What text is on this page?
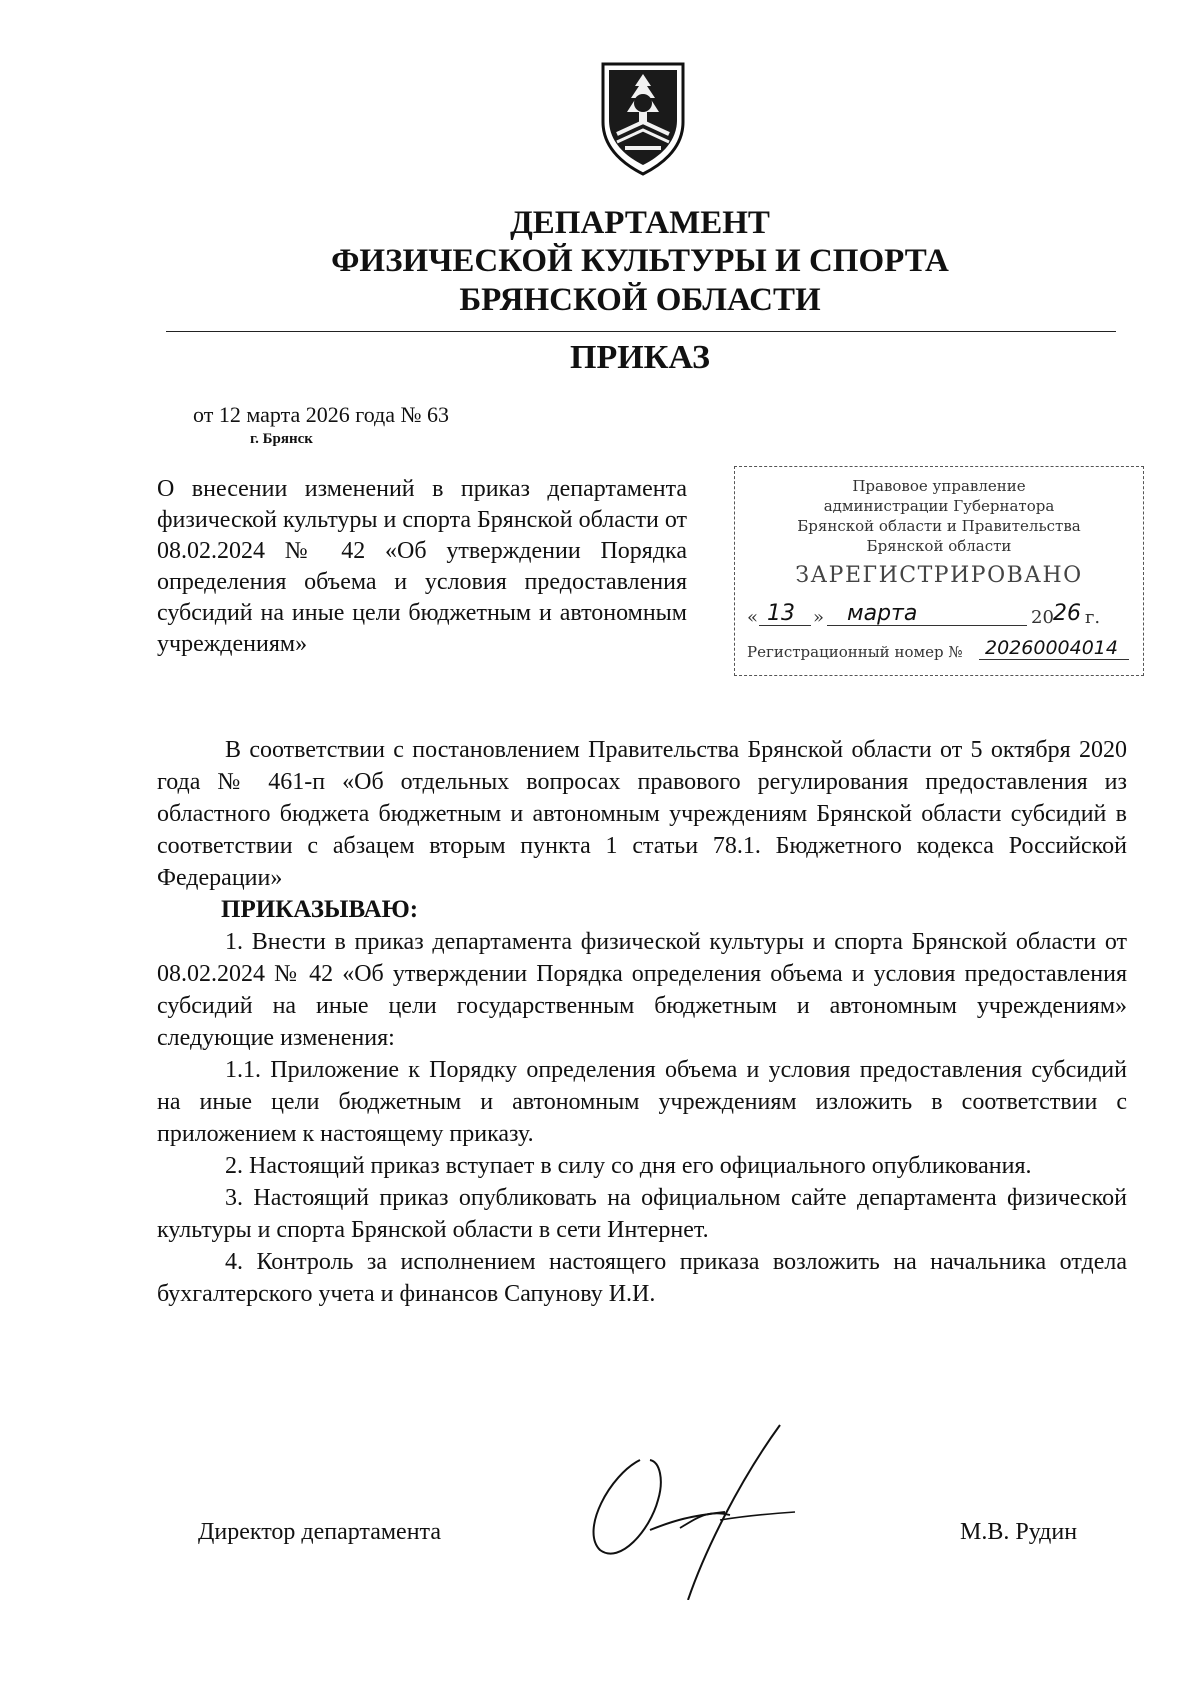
ДЕПАРТАМЕНТ
ФИЗИЧЕСКОЙ КУЛЬТУРЫ И СПОРТА
БРЯНСКОЙ ОБЛАСТИ
ПРИКАЗ
от 12 марта 2026 года № 63
г. Брянск
О внесении изменений в приказ департамента физической культуры и спорта Брянской области от 08.02.2024 № 42 «Об утверждении Порядка определения объема и условия предоставления субсидий на иные цели бюджетным и автономным учреждениям»
Правовое управление
администрации Губернатора
Брянской области и Правительства
Брянской области
ЗАРЕГИСТРИРОВАНО
« 13 » марта	20 26 г.
Регистрационный номер № 20260004014

В соответствии с постановлением Правительства Брянской области от 5 октября 2020 года № 461-п «Об отдельных вопросах правового регулирования предоставления из областного бюджета бюджетным и автономным учреждениям Брянской области субсидий в соответствии с абзацем вторым пункта 1 статьи 78.1. Бюджетного кодекса Российской Федерации»

ПРИКАЗЫВАЮ:

1. Внести в приказ департамента физической культуры и спорта Брянской области от 08.02.2024 № 42 «Об утверждении Порядка определения объема и условия предоставления субсидий на иные цели государственным бюджетным и автономным учреждениям» следующие изменения:

1.1. Приложение к Порядку определения объема и условия предоставления субсидий на иные цели бюджетным и автономным учреждениям изложить в соответствии с приложением к настоящему приказу.

2. Настоящий приказ вступает в силу со дня его официального опубликования.

3. Настоящий приказ опубликовать на официальном сайте департамента физической культуры и спорта Брянской области в сети Интернет.

4. Контроль за исполнением настоящего приказа возложить на начальника отдела бухгалтерского учета и финансов Сапунову И.И.

Директор департамента	М.В. Рудин
